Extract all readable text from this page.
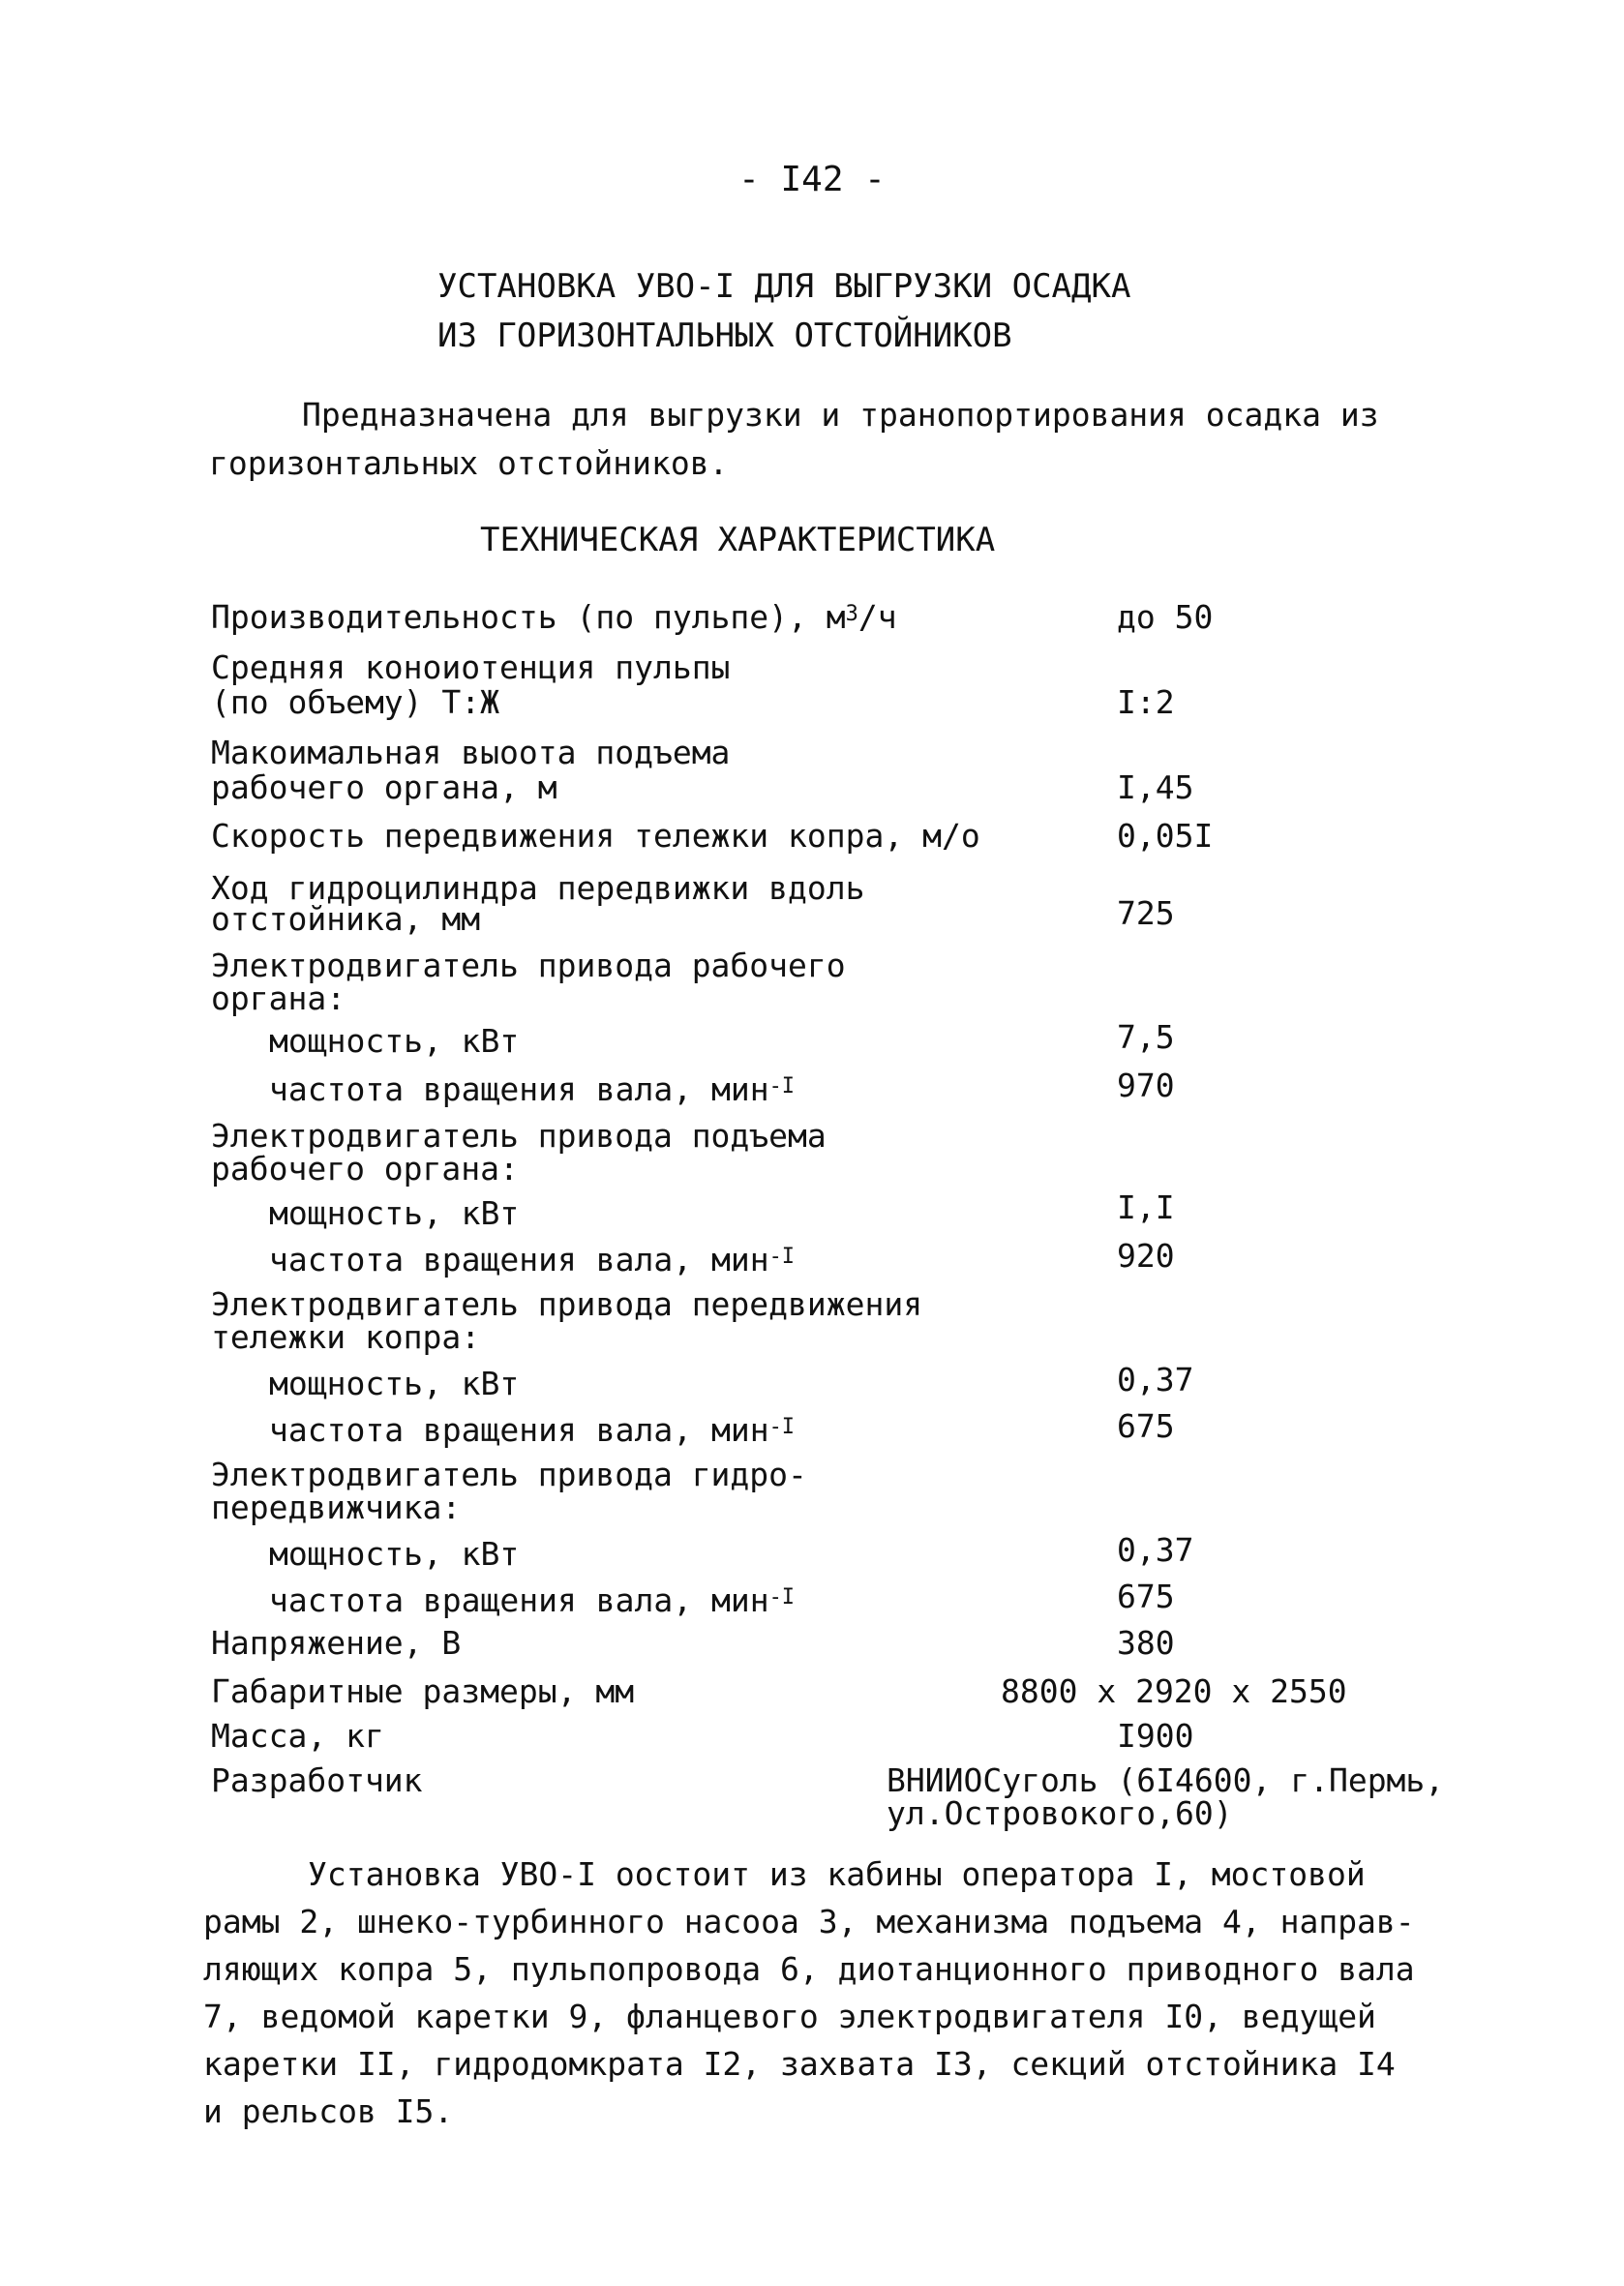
- I42 -
УСТАНОВКА УВО-I ДЛЯ ВЫГРУЗКИ ОСАДКА
ИЗ ГОРИЗОНТАЛЬНЫХ ОТСТОЙНИКОВ
Предназначена для выгрузки и транопортирования осадка из
горизонтальных отстойников.
ТЕХНИЧЕСКАЯ ХАРАКТЕРИСТИКА
Производительность (по пульпе), $м^3/ч$	до 50
Средняя коноиотенция пульпы
(по объему) Т:Ж	I:2
Макоимальная выоота подъема
рабочего органа, м	I,45
Скорость передвижения тележки копра, м/о	0,05I
Ход гидроцилиндра передвижки вдоль
отстойника, мм	725
Электродвигатель привода рабочего
органа:
мощность, кВт	7,5
частота вращения вала, мин$^{-I}$	970
Электродвигатель привода подъема
рабочего органа:
мощность, кВт	I,I
частота вращения вала, мин$^{-I}$	920
Электродвигатель привода передвижения
тележки копра:
мощность, кВт	0,37
частота вращения вала, мин$^{-I}$	675
Электродвигатель привода гидро-
передвижчика:
мощность, кВт	0,37
частота вращения вала, мин$^{-I}$	675
Напряжение, В	380
Габаритные размеры, мм	8800 x 2920 x 2550
Масса, кг	I900
Разработчик	ВНИИОСуголь (6I4600, г.Пермь,
ул.Островокого,60)
Установка УВО-I оостоит из кабины оператора I, мостовой
рамы 2, шнеко-турбинного насооа 3, механизма подъема 4, направ-
ляющих копра 5, пульпопровода 6, диотанционного приводного вала
7, ведомой каретки 9, фланцевого электродвигателя I0, ведущей
каретки II, гидродомкрата I2, захвата I3, секций отстойника I4
и рельсов I5.
